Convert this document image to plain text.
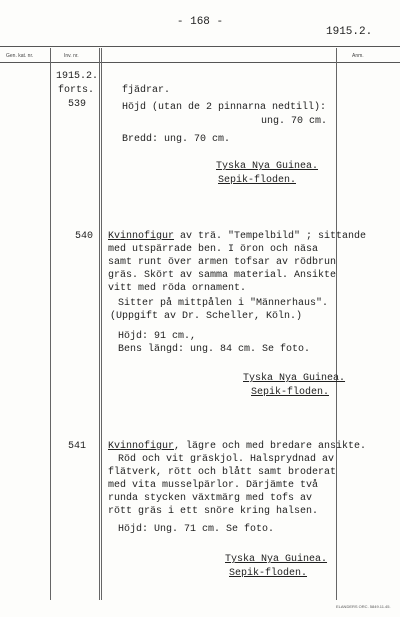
- 168 -
1915.2.
Gen. kat. nr.	Inv. nr.	Anm.
1915.2.
forts.
539
fjädrar.
Höjd (utan de 2 pinnarna nedtill):
ung. 70 cm.
Bredd: ung. 70 cm.
Tyska Nya Guinea.
Sepik-floden.
540 Kvinnofigur av trä. "Tempelbild" ; sittande
med utspärrade ben. I öron och näsa
samt runt över armen tofsar av rödbrun
gräs. Skört av samma material. Ansikte
vitt med röda ornament.
Sitter på mittpålen i "Männerhaus".
(Uppgift av Dr. Scheller, Köln.)
Höjd: 91 cm.,
Bens längd: ung. 84 cm. Se foto.
Tyska Nya Guinea.
Sepik-floden.
541 Kvinnofigur, lägre och med bredare ansikte.
Röd och vit gräskjol. Halsprydnad av
flätverk, rött och blått samt broderat
med vita musselpärlor. Därjämte två
runda stycken växtmärg med tofs av
rött gräs i ett snöre kring halsen.
Höjd: Ung. 71 cm. Se foto.
Tyska Nya Guinea.
Sepik-floden.
ELANDERS ORC. 5849.11.45.
